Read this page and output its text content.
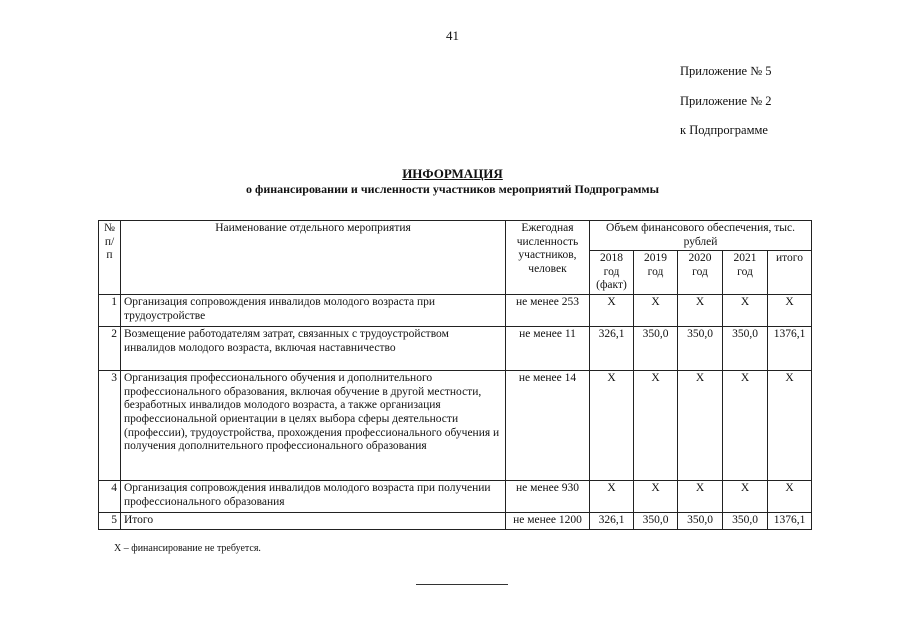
41
Приложение № 5
Приложение № 2
к Подпрограмме
ИНФОРМАЦИЯ
о финансировании и численности участников мероприятий Подпрограммы
№ п/п	Наименование отдельного мероприятия	Ежегодная численность участников, человек	Объем финансового обеспечения, тыс. рублей				
			2018 год (факт)	2019 год	2020 год	2021 год	итого
1	Организация сопровождения инвалидов молодого возраста при трудоустройстве	не менее 253	X	X	X	X	X
2	Возмещение работодателям затрат, связанных с трудоустройством инвалидов молодого возраста, включая наставничество	не менее 11	326,1	350,0	350,0	350,0	1376,1
3	Организация профессионального обучения и дополнительного профессионального образования, включая обучение в другой местности, безработных инвалидов молодого возраста, а также организация профессиональной ориентации в целях выбора сферы деятельности (профессии), трудоустройства, прохождения профессионального обучения и получения дополнительного профессионального образования	не менее 14	X	X	X	X	X
4	Организация сопровождения инвалидов молодого возраста при получении профессионального образования	не менее 930	X	X	X	X	X
5	Итого	не менее 1200	326,1	350,0	350,0	350,0	1376,1
X – финансирование не требуется.
